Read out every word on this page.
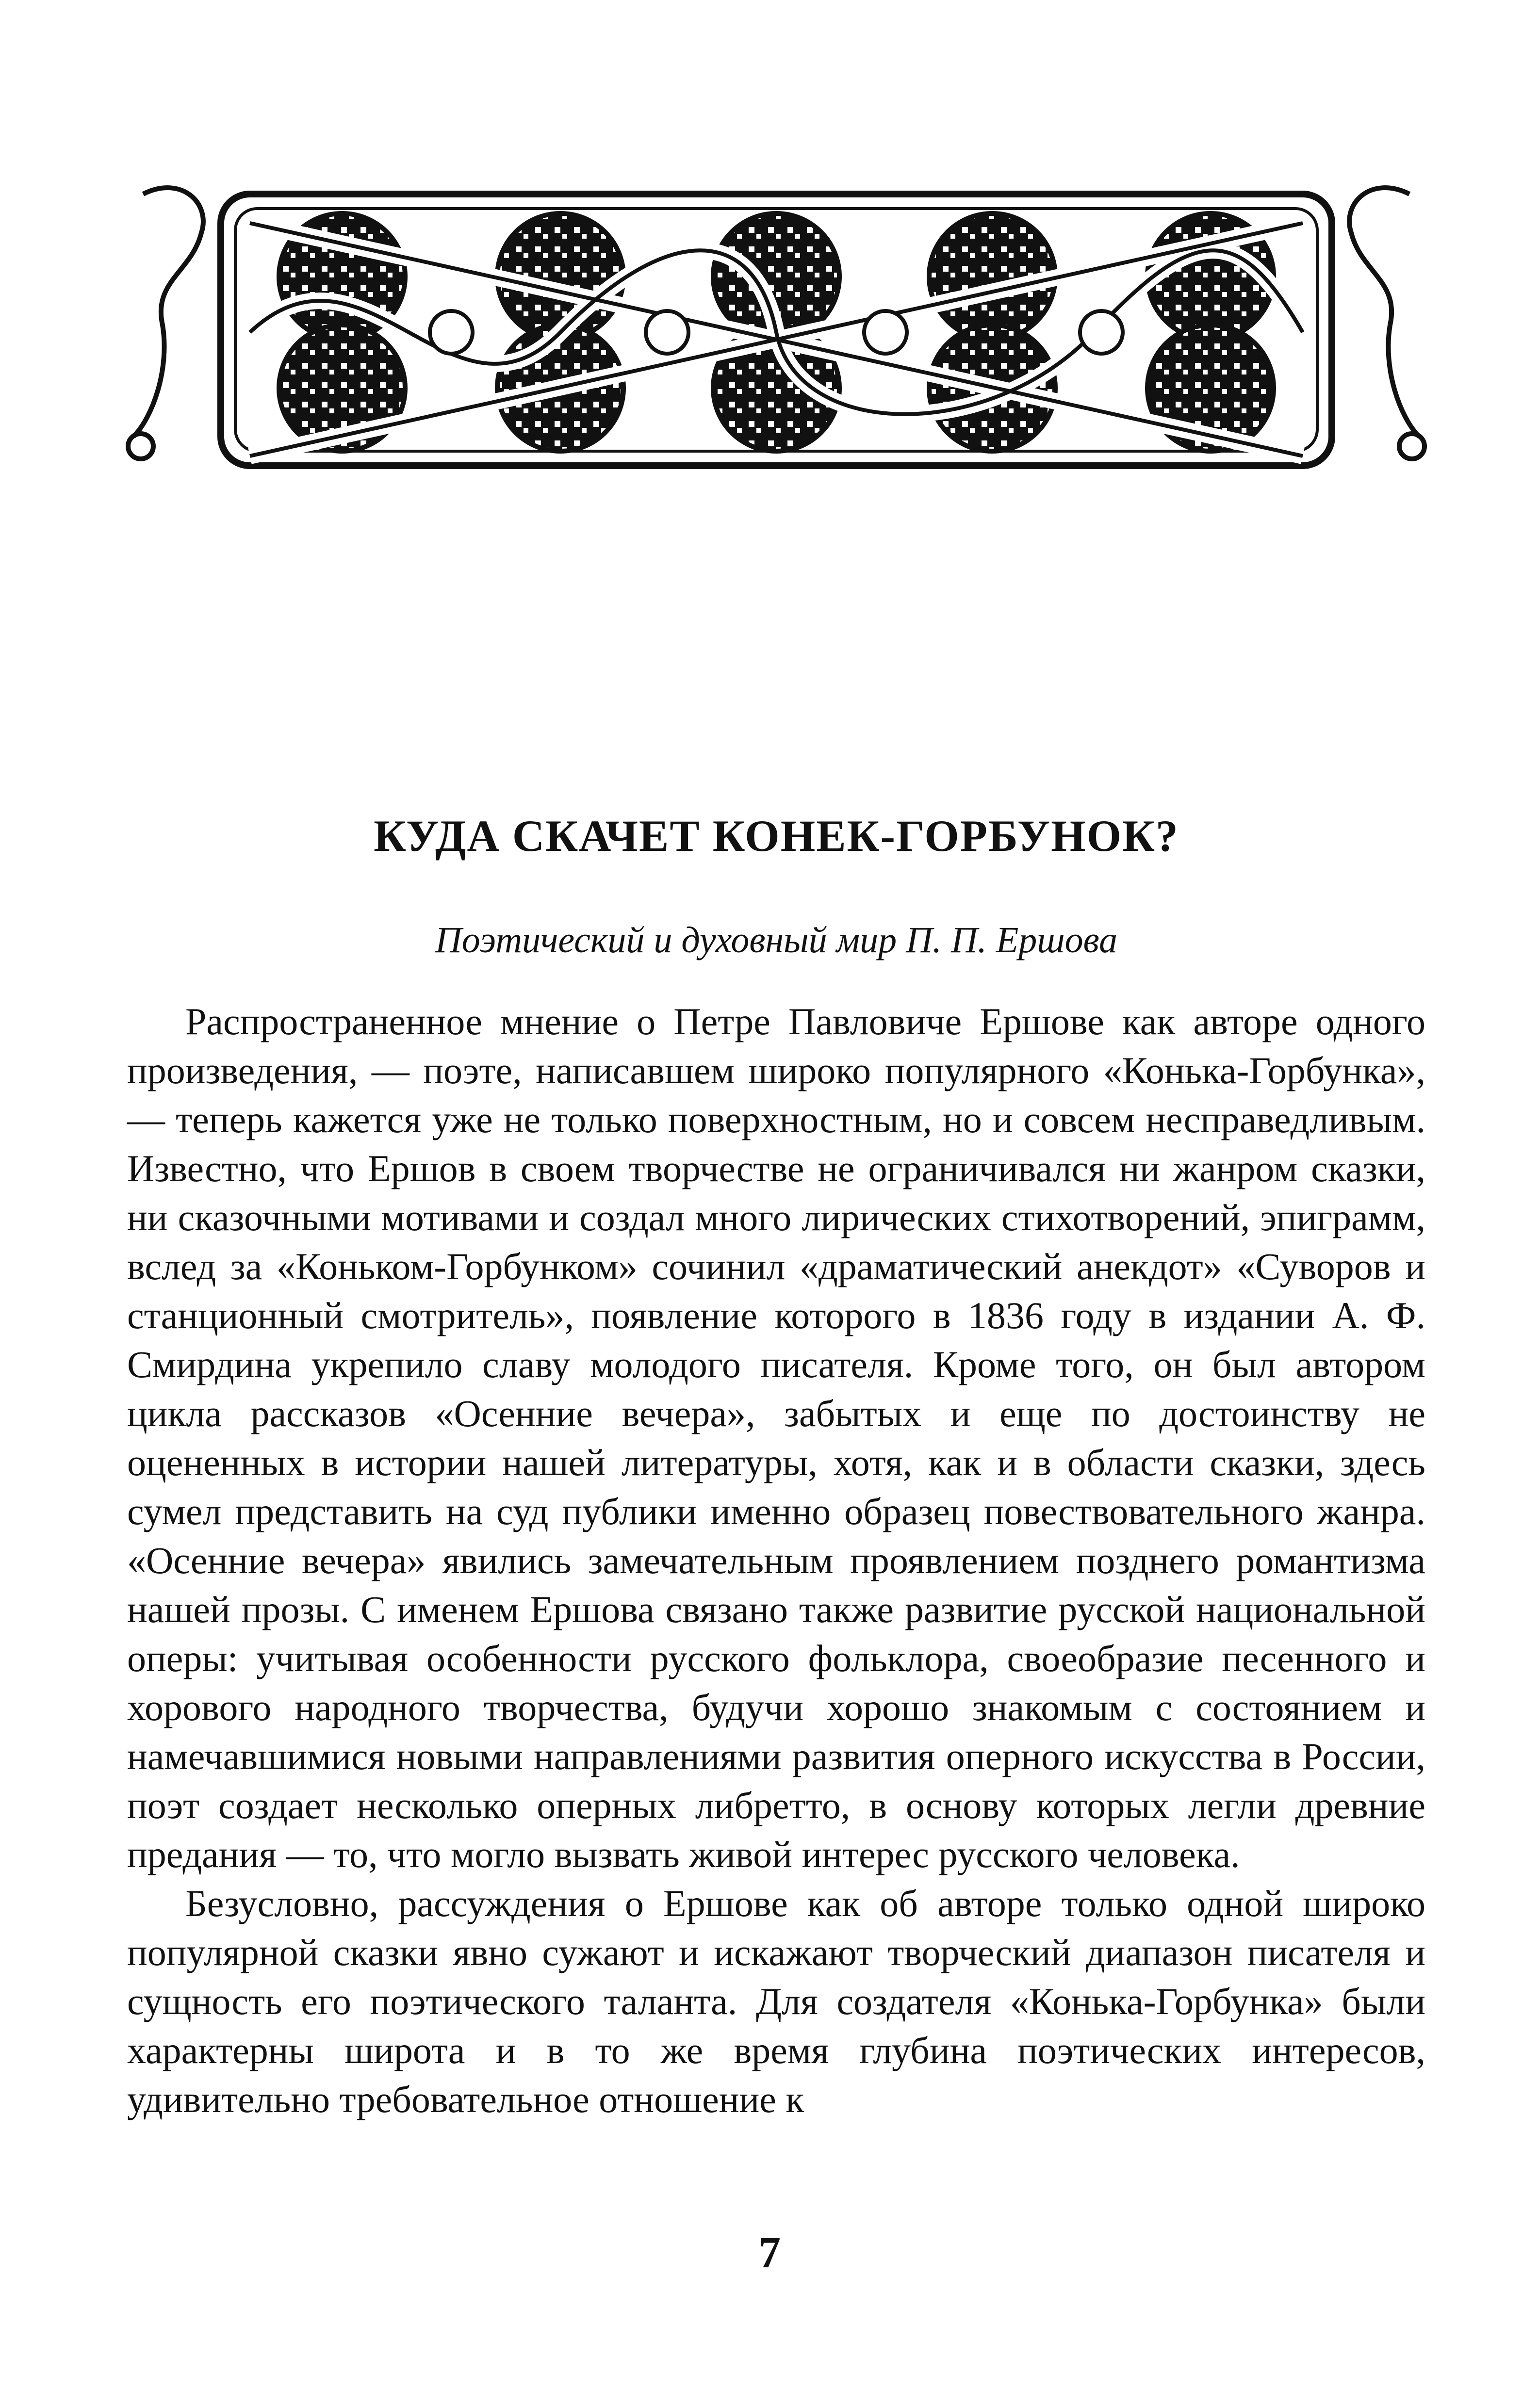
КУДА СКАЧЕТ КОНЕК-ГОРБУНОК?
Поэтический и духовный мир П. П. Ершова

Распространенное мнение о Петре Павловиче Ершове как авторе одного произведения, — поэте, написавшем широко популярного «Конька-Горбунка», — теперь кажется уже не только поверхностным, но и совсем несправедливым. Известно, что Ершов в своем творчестве не ограничивался ни жанром сказки, ни сказочными мотивами и создал много лирических стихотворений, эпиграмм, вслед за «Коньком-Горбунком» сочинил «драматический анекдот» «Суворов и станционный смотритель», появление которого в 1836 году в издании А. Ф. Смирдина укрепило славу молодого писателя. Кроме того, он был автором цикла рассказов «Осенние вечера», забытых и еще по достоинству не оцененных в истории нашей литературы, хотя, как и в области сказки, здесь сумел представить на суд публики именно образец повествовательного жанра. «Осенние вечера» явились замечательным проявлением позднего романтизма нашей прозы. С именем Ершова связано также развитие русской национальной оперы: учитывая особенности русского фольклора, своеобразие песенного и хорового народного творчества, будучи хорошо знакомым с состоянием и намечавшимися новыми направлениями развития оперного искусства в России, поэт создает несколько оперных либретто, в основу которых легли древние предания — то, что могло вызвать живой интерес русского человека.

Безусловно, рассуждения о Ершове как об авторе только одной широко популярной сказки явно сужают и искажают творческий диапазон писателя и сущность его поэтического таланта. Для создателя «Конька-Горбунка» были характерны широта и в то же время глубина поэтических интересов, удивительно требовательное отношение к

7
